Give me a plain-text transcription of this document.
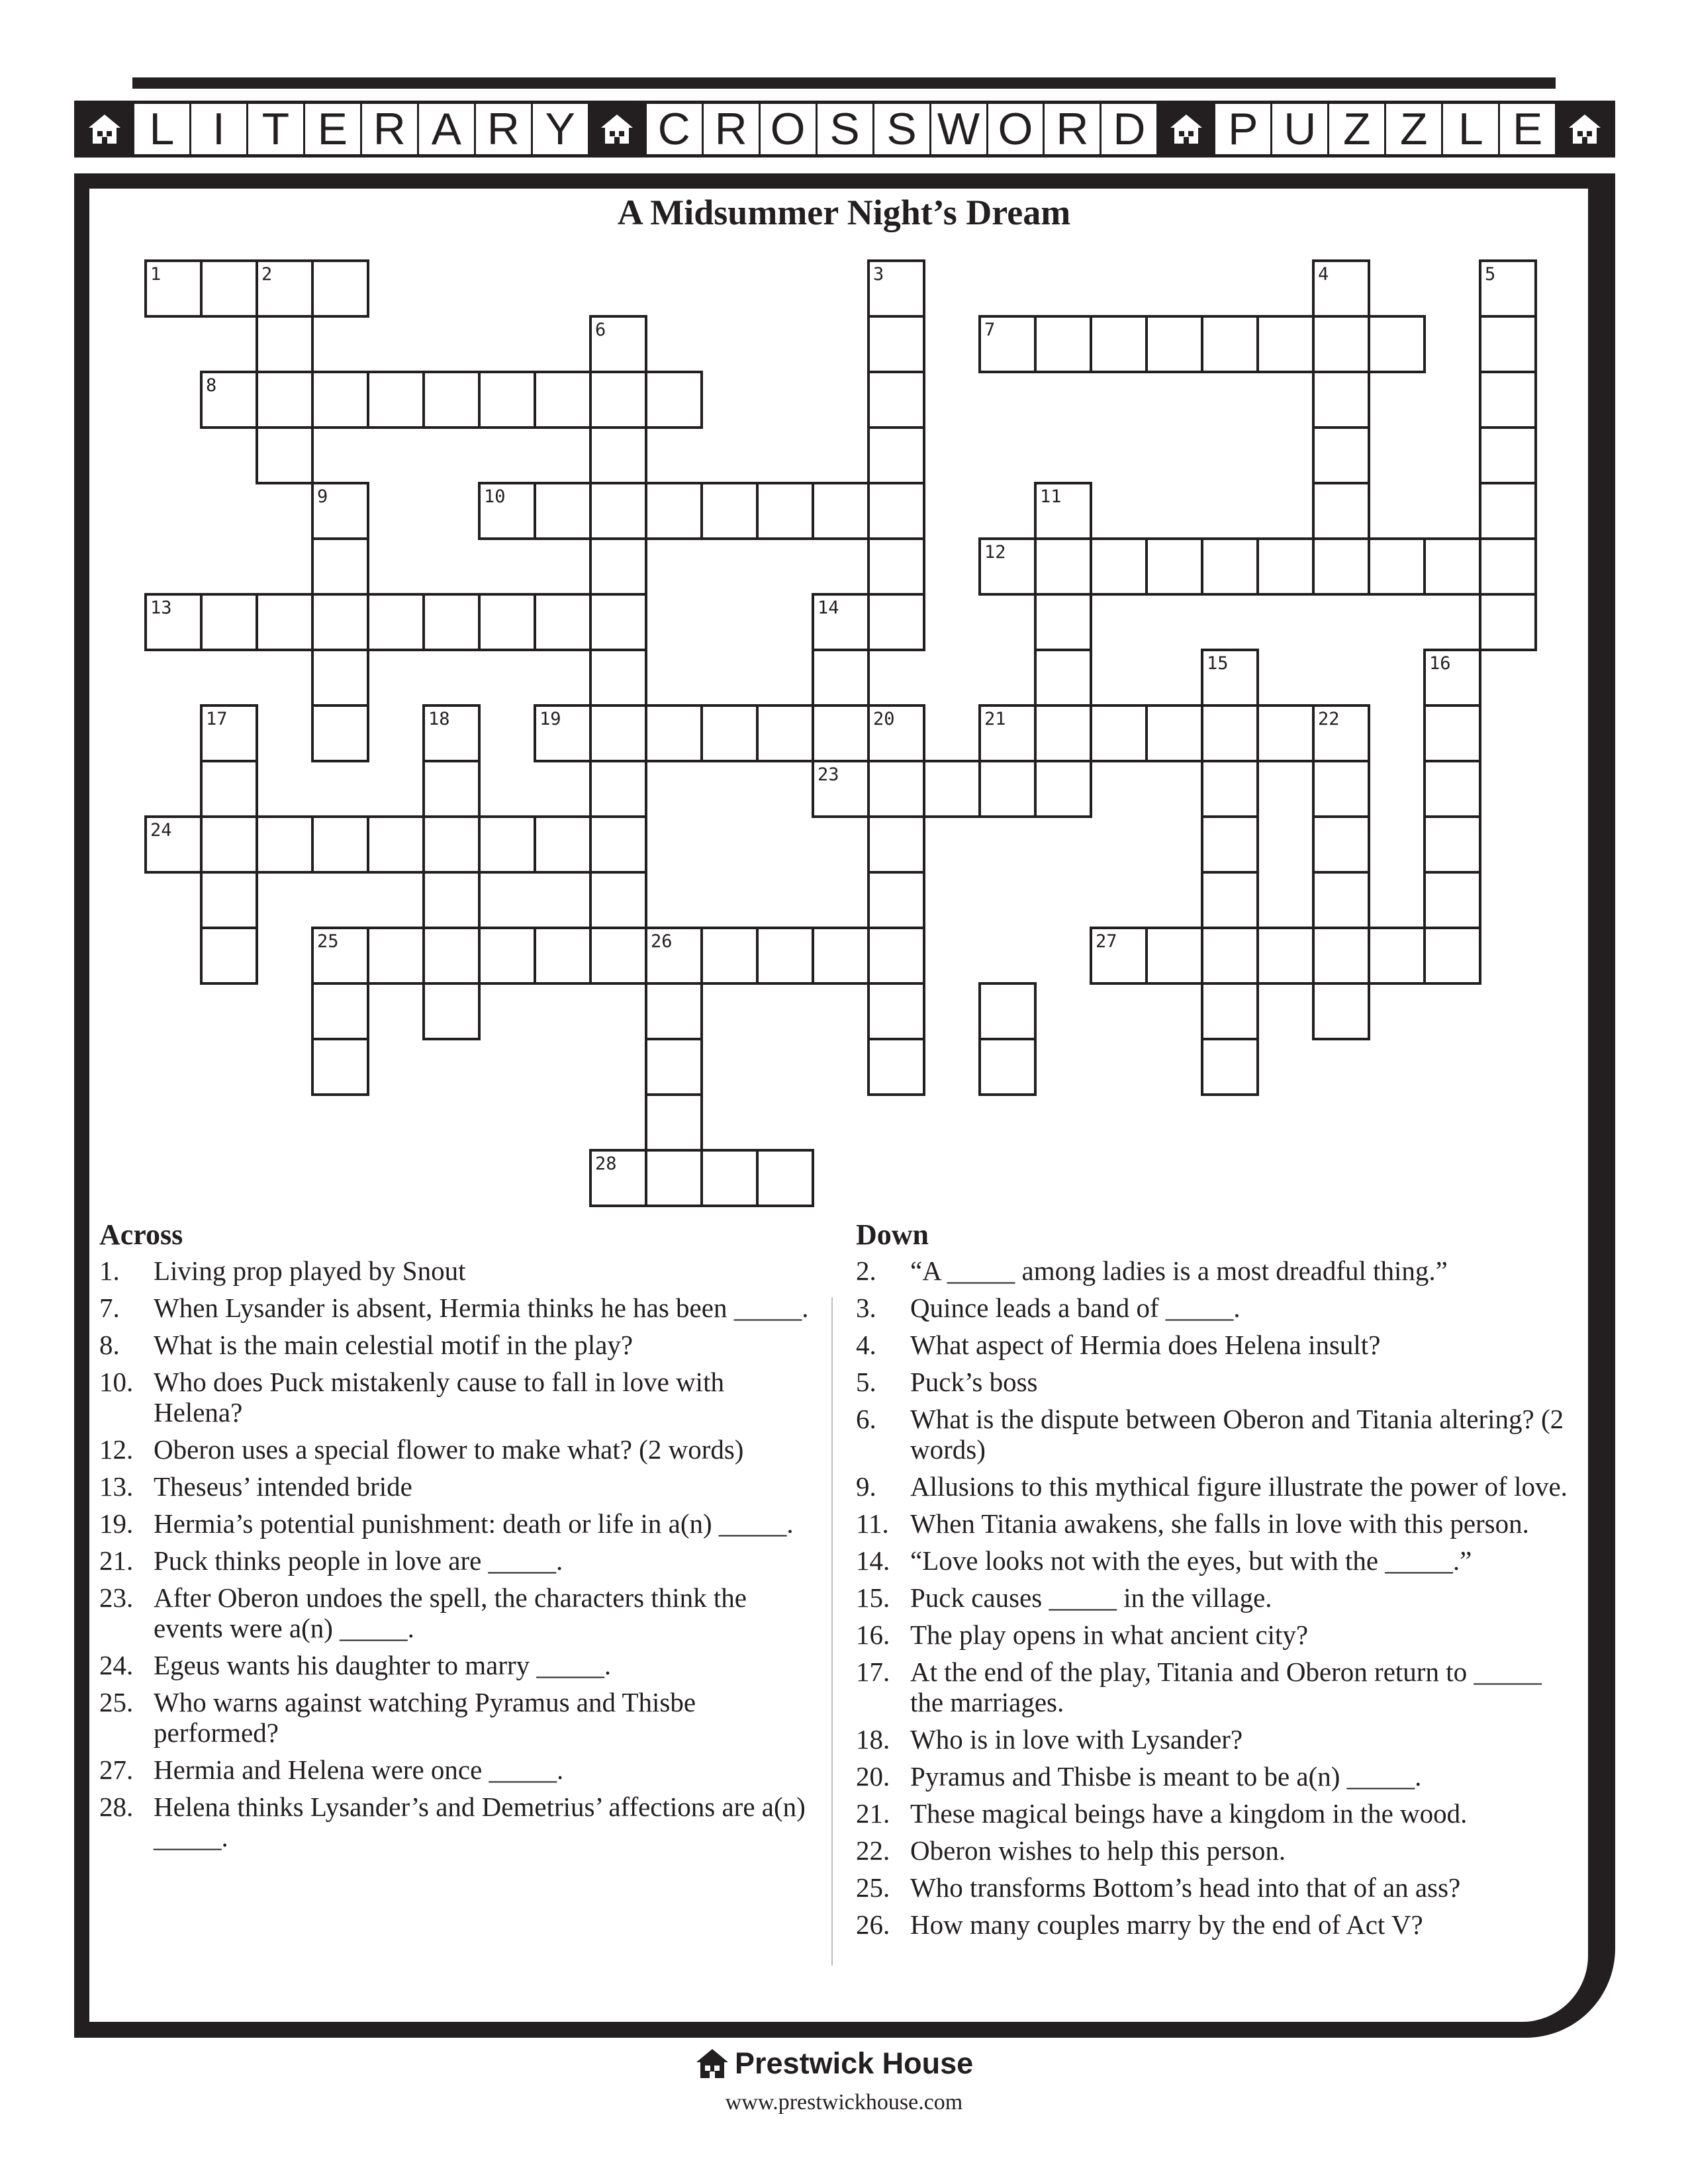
L I T E R A R Y	C R O S S W O R D P U Z Z L E
A Midsummer Night’s Dream
1	2	3	4	5
6	7
8
9	10	11
12
13	14
15	16
17	18	19	20	21	22
23
24
25	26	27
28
Across
1.	Living prop played by Snout
7.	When Lysander is absent, Hermia thinks he has been _____.
8.	What is the main celestial motif in the play?
10. Who does Puck mistakenly cause to fall in love with Helena?
12. Oberon uses a special flower to make what? (2 words)
13. Theseus’ intended bride
19. Hermia’s potential punishment: death or life in a(n) _____.
21. Puck thinks people in love are _____.
23. After Oberon undoes the spell, the characters think the events were a(n) _____.
24. Egeus wants his daughter to marry _____.
25. Who warns against watching Pyramus and Thisbe performed?
27. Hermia and Helena were once _____.
28. Helena thinks Lysander’s and Demetrius’ affections are a(n) _____.
Down
2.	“A _____ among ladies is a most dreadful thing.”
3.	Quince leads a band of _____.
4.	What aspect of Hermia does Helena insult?
5.	Puck’s boss
6.	What is the dispute between Oberon and Titania altering? (2 words)
9.	Allusions to this mythical figure illustrate the power of love.
11. When Titania awakens, she falls in love with this person.
14. “Love looks not with the eyes, but with the _____.”
15. Puck causes _____ in the village.
16. The play opens in what ancient city?
17. At the end of the play, Titania and Oberon return to _____ the marriages.
18. Who is in love with Lysander?
20. Pyramus and Thisbe is meant to be a(n) _____.
21. These magical beings have a kingdom in the wood.
22. Oberon wishes to help this person.
25. Who transforms Bottom’s head into that of an ass?
26. How many couples marry by the end of Act V?
Prestwick House
www.prestwickhouse.com
